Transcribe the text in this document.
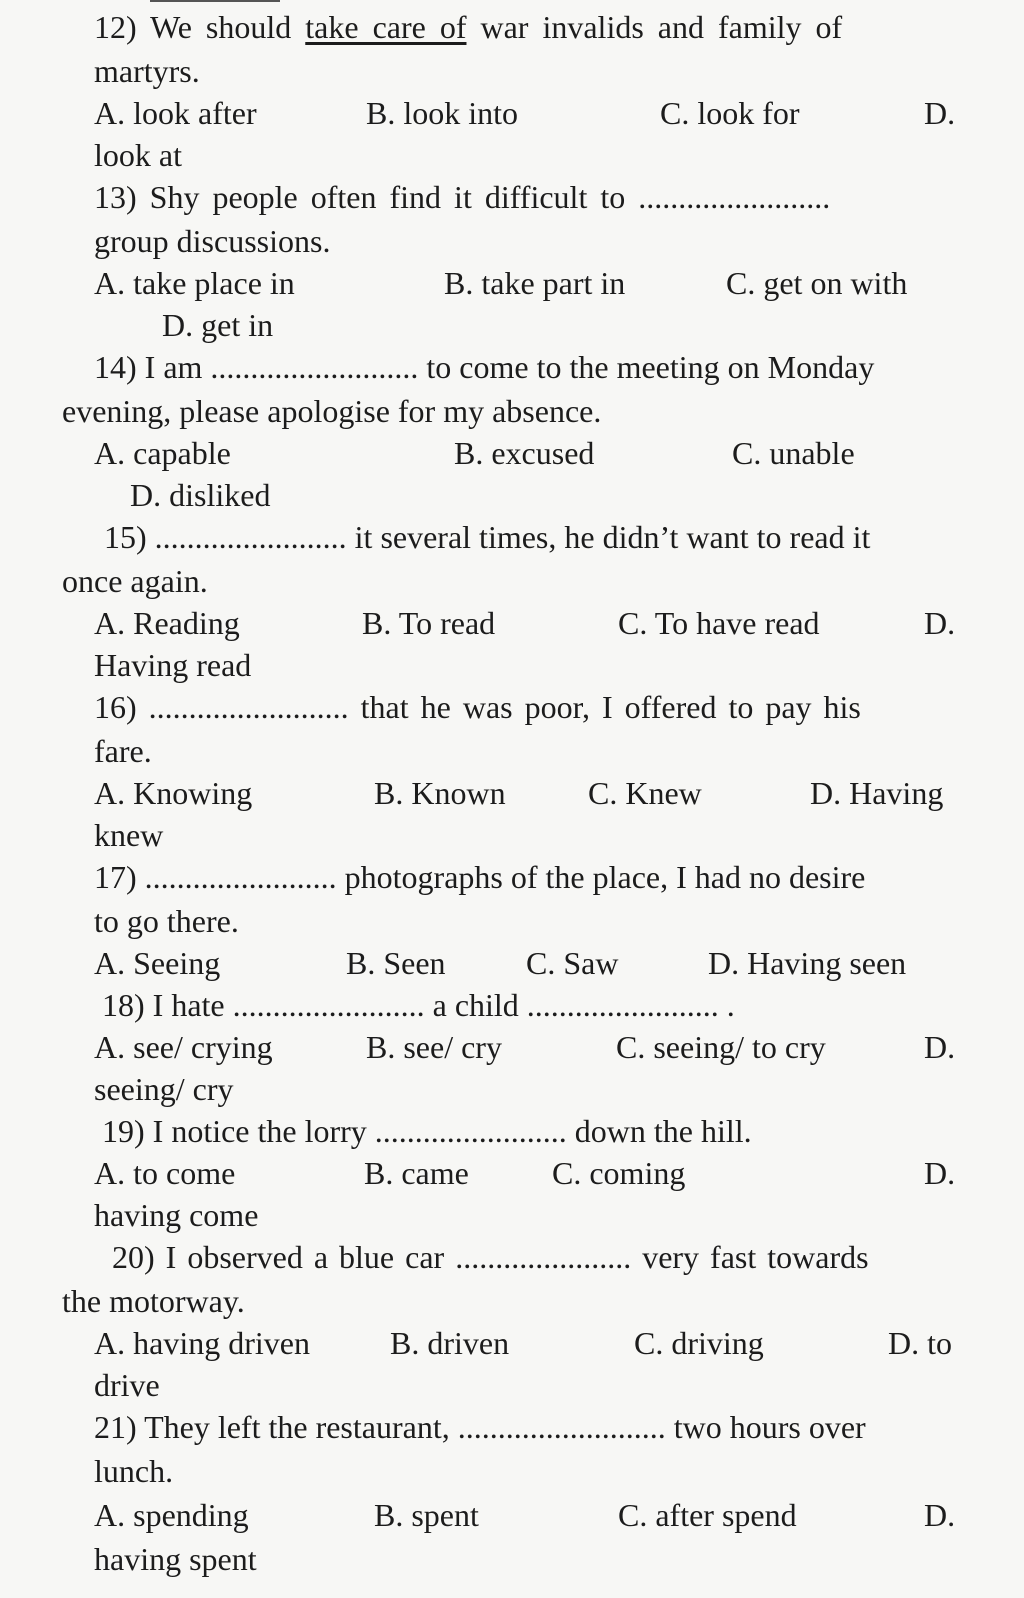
12) We should take care of war invalids and family of
martyrs.
A. look after	B. look into	C. look for	D.
look at
13) Shy people often find it difficult to ........................
group discussions.
A. take place in	B. take part in	C. get on with
D. get in
14) I am .......................... to come to the meeting on Monday
evening, please apologise for my absence.
A. capable	B. excused	C. unable
D. disliked
15) ........................ it several times, he didn’t want to read it
once again.
A. Reading	B. To read	C. To have read	D.
Having read
16) ......................... that he was poor, I offered to pay his
fare.
A. Knowing	B. Known	C. Knew	D. Having
knew
17) ........................ photographs of the place, I had no desire
to go there.
A. Seeing	B. Seen	C. Saw	D. Having seen
18) I hate ........................ a child ........................ .
A. see/ crying	B. see/ cry	C. seeing/ to cry	D.
seeing/ cry
19) I notice the lorry ........................ down the hill.
A. to come	B. came	C. coming	D.
having come
20) I observed a blue car ...................... very fast towards
the motorway.
A. having driven	B. driven	C. driving	D. to
drive
21) They left the restaurant, .......................... two hours over
lunch.
A. spending	B. spent	C. after spend	D.
having spent
